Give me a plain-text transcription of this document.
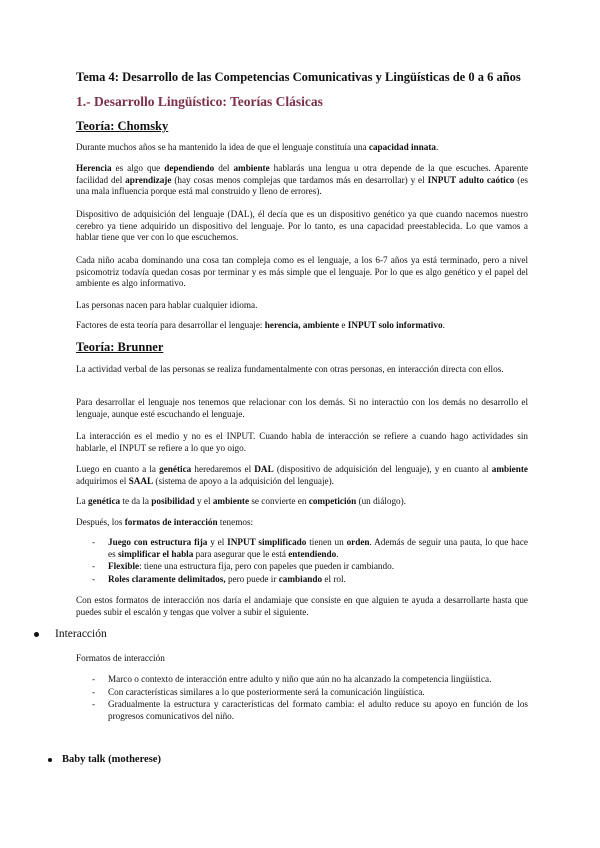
Tema 4: Desarrollo de las Competencias Comunicativas y Lingüísticas de 0 a 6 años
1.- Desarrollo Lingüístico: Teorías Clásicas
Teoría: Chomsky
Durante muchos años se ha mantenido la idea de que el lenguaje constituía una capacidad innata.
Herencia es algo que dependiendo del ambiente hablarás una lengua u otra depende de la que escuches. Aparente facilidad del aprendizaje (hay cosas menos complejas que tardamos más en desarrollar) y el INPUT adulto caótico (es una mala influencia porque está mal construido y lleno de errores).
Dispositivo de adquisición del lenguaje (DAL), él decía que es un dispositivo genético ya que cuando nacemos nuestro cerebro ya tiene adquirido un dispositivo del lenguaje. Por lo tanto, es una capacidad preestablecida. Lo que vamos a hablar tiene que ver con lo que escuchemos.
Cada niño acaba dominando una cosa tan compleja como es el lenguaje, a los 6-7 años ya está terminado, pero a nivel psicomotriz todavía quedan cosas por terminar y es más simple que el lenguaje. Por lo que es algo genético y el papel del ambiente es algo informativo.
Las personas nacen para hablar cualquier idioma.
Factores de esta teoría para desarrollar el lenguaje: herencia, ambiente e INPUT solo informativo.
Teoría: Brunner
La actividad verbal de las personas se realiza fundamentalmente con otras personas, en interacción directa con ellos.
Para desarrollar el lenguaje nos tenemos que relacionar con los demás. Si no interactúo con los demás no desarrollo el lenguaje, aunque esté escuchando el lenguaje.
La interacción es el medio y no es el INPUT. Cuando habla de interacción se refiere a cuando hago actividades sin hablarle, el INPUT se refiere a lo que yo oigo.
Luego en cuanto a la genética heredaremos el DAL (dispositivo de adquisición del lenguaje), y en cuanto al ambiente adquirimos el SAAL (sistema de apoyo a la adquisición del lenguaje).
La genética te da la posibilidad y el ambiente se convierte en competición (un diálogo).
Después, los formatos de interacción tenemos:
- Juego con estructura fija y el INPUT simplificado tienen un orden. Además de seguir una pauta, lo que hace es simplificar el habla para asegurar que le está entendiendo.
- Flexible: tiene una estructura fija, pero con papeles que pueden ir cambiando.
- Roles claramente delimitados, pero puede ir cambiando el rol.
Con estos formatos de interacción nos daría el andamiaje que consiste en que alguien te ayuda a desarrollarte hasta que puedes subir el escalón y tengas que volver a subir el siguiente.
Interacción
Formatos de interacción
- Marco o contexto de interacción entre adulto y niño que aún no ha alcanzado la competencia lingüística.
- Con características similares a lo que posteriormente será la comunicación lingüística.
- Gradualmente la estructura y características del formato cambia: el adulto reduce su apoyo en función de los progresos comunicativos del niño.
Baby talk (motherese)
